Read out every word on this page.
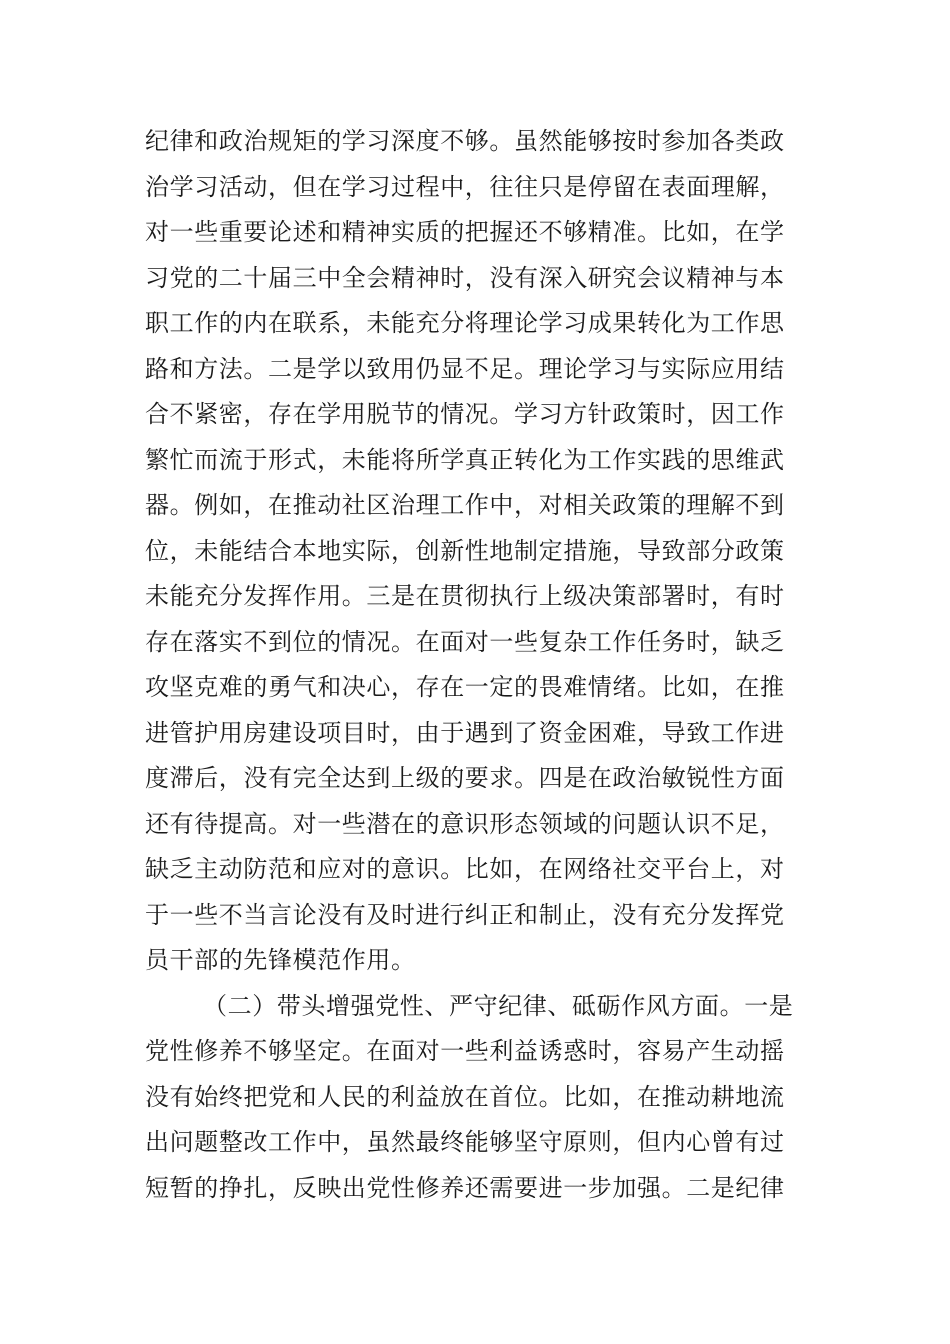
纪律和政治规矩的学习深度不够。虽然能够按时参加各类政
治学习活动，但在学习过程中，往往只是停留在表面理解，
对一些重要论述和精神实质的把握还不够精准。比如，在学
习党的二十届三中全会精神时，没有深入研究会议精神与本
职工作的内在联系，未能充分将理论学习成果转化为工作思
路和方法。二是学以致用仍显不足。理论学习与实际应用结
合不紧密，存在学用脱节的情况。学习方针政策时，因工作
繁忙而流于形式，未能将所学真正转化为工作实践的思维武
器。例如，在推动社区治理工作中，对相关政策的理解不到
位，未能结合本地实际，创新性地制定措施，导致部分政策
未能充分发挥作用。三是在贯彻执行上级决策部署时，有时
存在落实不到位的情况。在面对一些复杂工作任务时，缺乏
攻坚克难的勇气和决心，存在一定的畏难情绪。比如，在推
进管护用房建设项目时，由于遇到了资金困难，导致工作进
度滞后，没有完全达到上级的要求。四是在政治敏锐性方面
还有待提高。对一些潜在的意识形态领域的问题认识不足，
缺乏主动防范和应对的意识。比如，在网络社交平台上，对
于一些不当言论没有及时进行纠正和制止，没有充分发挥党
员干部的先锋模范作用。
（二）带头增强党性、严守纪律、砥砺作风方面。一是
党性修养不够坚定。在面对一些利益诱惑时，容易产生动摇
没有始终把党和人民的利益放在首位。比如，在推动耕地流
出问题整改工作中，虽然最终能够坚守原则，但内心曾有过
短暂的挣扎，反映出党性修养还需要进一步加强。二是纪律
